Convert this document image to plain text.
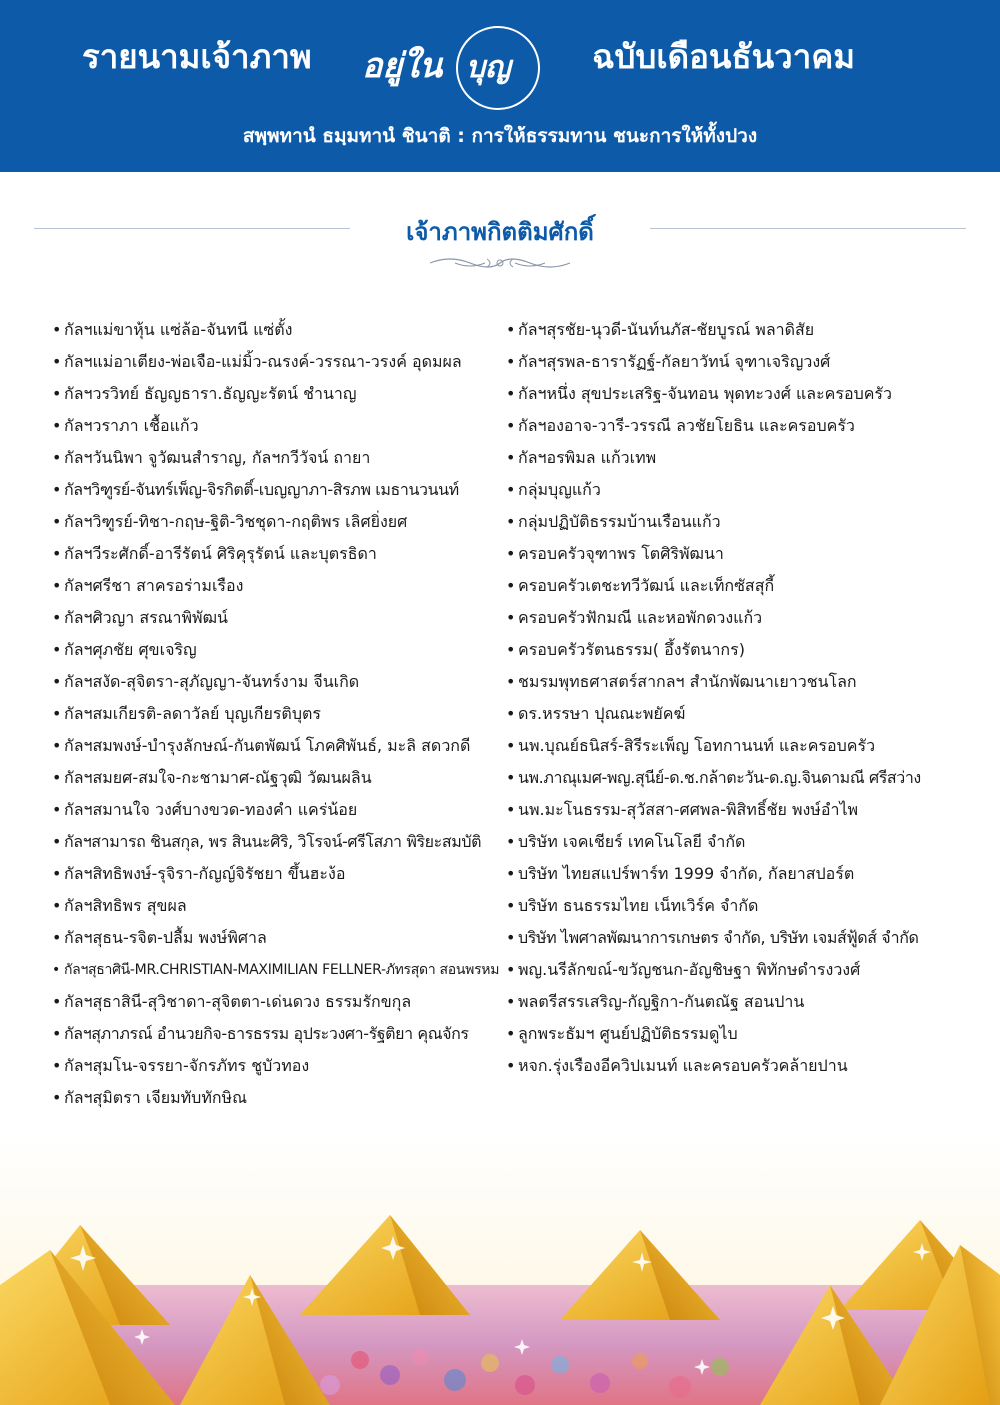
รายนามเจ้าภาพ	อยู่ใน บุญ	ฉบับเดือนธันวาคม
สพฺพทานํ ธมฺมทานํ ชินาติ : การให้ธรรมทาน ชนะการให้ทั้งปวง
เจ้าภาพกิตติมศักดิ์
• กัลฯแม่ขาหุ้น แซ่ล้อ-จันทนี แซ่ตั้ง
• กัลฯแม่อาเตียง-พ่อเจือ-แม่มิ้ว-ณรงค์-วรรณา-วรงค์ อุดมผล
• กัลฯวรวิทย์ ธัญญธารา.ธัญญะรัตน์ ชำนาญ
• กัลฯวราภา เชื้อแก้ว
• กัลฯวันนิพา จูวัฒนสำราญ, กัลฯกวีวัจน์ ถายา
• กัลฯวิฑูรย์-จันทร์เพ็ญ-จิรกิตติ์-เบญญาภา-สิรภพ เมธานวนนท์
• กัลฯวิฑูรย์-ทิชา-กฤษ-ฐิติ-วิชชุดา-กฤติพร เลิศยิ่งยศ
• กัลฯวีระศักดิ์-อารีรัตน์ ศิริคุรุรัตน์ และบุตรธิดา
• กัลฯศรีชา สาครอร่ามเรือง
• กัลฯศิวญา สรณาพิพัฒน์
• กัลฯศุภชัย ศุขเจริญ
• กัลฯสงัด-สุจิตรา-สุภัญญา-จันทร์งาม จีนเกิด
• กัลฯสมเกียรติ-ลดาวัลย์ บุญเกียรติบุตร
• กัลฯสมพงษ์-บำรุงลักษณ์-กันตพัฒน์ โภคศิพันธ์, มะลิ สดวกดี
• กัลฯสมยศ-สมใจ-กะชามาศ-ณัฐวุฒิ วัฒนผลิน
• กัลฯสมานใจ วงศ์บางขวด-ทองคำ แคร่น้อย
• กัลฯสามารถ ชินสกุล, พร สินนะศิริ, วิโรจน์-ศรีโสภา พิริยะสมบัติ
• กัลฯสิทธิพงษ์-รุจิรา-กัญญ์จิรัชยา ขึ้นฮะง้อ
• กัลฯสิทธิพร สุขผล
• กัลฯสุธน-รจิต-ปลื้ม พงษ์พิศาล
• กัลฯสุธาศินี-MR.CHRISTIAN-MAXIMILIAN FELLNER-ภัทรสุดา สอนพรหม
• กัลฯสุธาสินี-สุวิชาดา-สุจิตตา-เด่นดวง ธรรมรักขกุล
• กัลฯสุภาภรณ์ อำนวยกิจ-ธารธรรม อุประวงศา-รัฐติยา คุณจักร
• กัลฯสุมโน-จรรยา-จักรภัทร ชูบัวทอง
• กัลฯสุมิตรา เจียมทับทักษิณ
• กัลฯสุรชัย-นุวดี-นันท์นภัส-ชัยบูรณ์ พลาดิสัย
• กัลฯสุรพล-ธารารัฏฐ์-กัลยาวัทน์ จุฑาเจริญวงศ์
• กัลฯหนึ่ง สุขประเสริฐ-จันทอน พุดทะวงศ์ และครอบครัว
• กัลฯองอาจ-วารี-วรรณี ลวชัยโยธิน และครอบครัว
• กัลฯอรพิมล แก้วเทพ
• กลุ่มบุญแก้ว
• กลุ่มปฏิบัติธรรมบ้านเรือนแก้ว
• ครอบครัวจุฑาพร โตศิริพัฒนา
• ครอบครัวเตชะทวีวัฒน์ และเท็กซัสสุกี้
• ครอบครัวฟักมณี และหอพักดวงแก้ว
• ครอบครัวรัตนธรรม( อึ้งรัตนากร)
• ชมรมพุทธศาสตร์สากลฯ สำนักพัฒนาเยาวชนโลก
• ดร.หรรษา ปุณณะพยัคฆ์
• นพ.บุณย์ธนิสร์-สิรีระเพ็ญ โอทกานนท์ และครอบครัว
• นพ.ภาณุเมศ-พญ.สุนีย์-ด.ช.กล้าตะวัน-ด.ญ.จินดามณี ศรีสว่าง
• นพ.มะโนธรรม-สุวัสสา-ศศพล-พิสิทธิ์ชัย พงษ์อำไพ
• บริษัท เจคเชียร์ เทคโนโลยี จำกัด
• บริษัท ไทยสแปร์พาร์ท 1999 จำกัด, กัลยาสปอร์ต
• บริษัท ธนธรรมไทย เน็ทเวิร์ค จำกัด
• บริษัท ไพศาลพัฒนาการเกษตร จำกัด, บริษัท เจมส์ฟู้ดส์ จำกัด
• พญ.นรีลักขณ์-ขวัญชนก-อัญชิษฐา พิทักษดำรงวงศ์
• พลตรีสรรเสริญ-กัญฐิกา-กันตณัฐ สอนปาน
• ลูกพระธัมฯ ศูนย์ปฏิบัติธรรมดูไบ
• หจก.รุ่งเรืองอีควิปเมนท์ และครอบครัวคล้ายปาน
